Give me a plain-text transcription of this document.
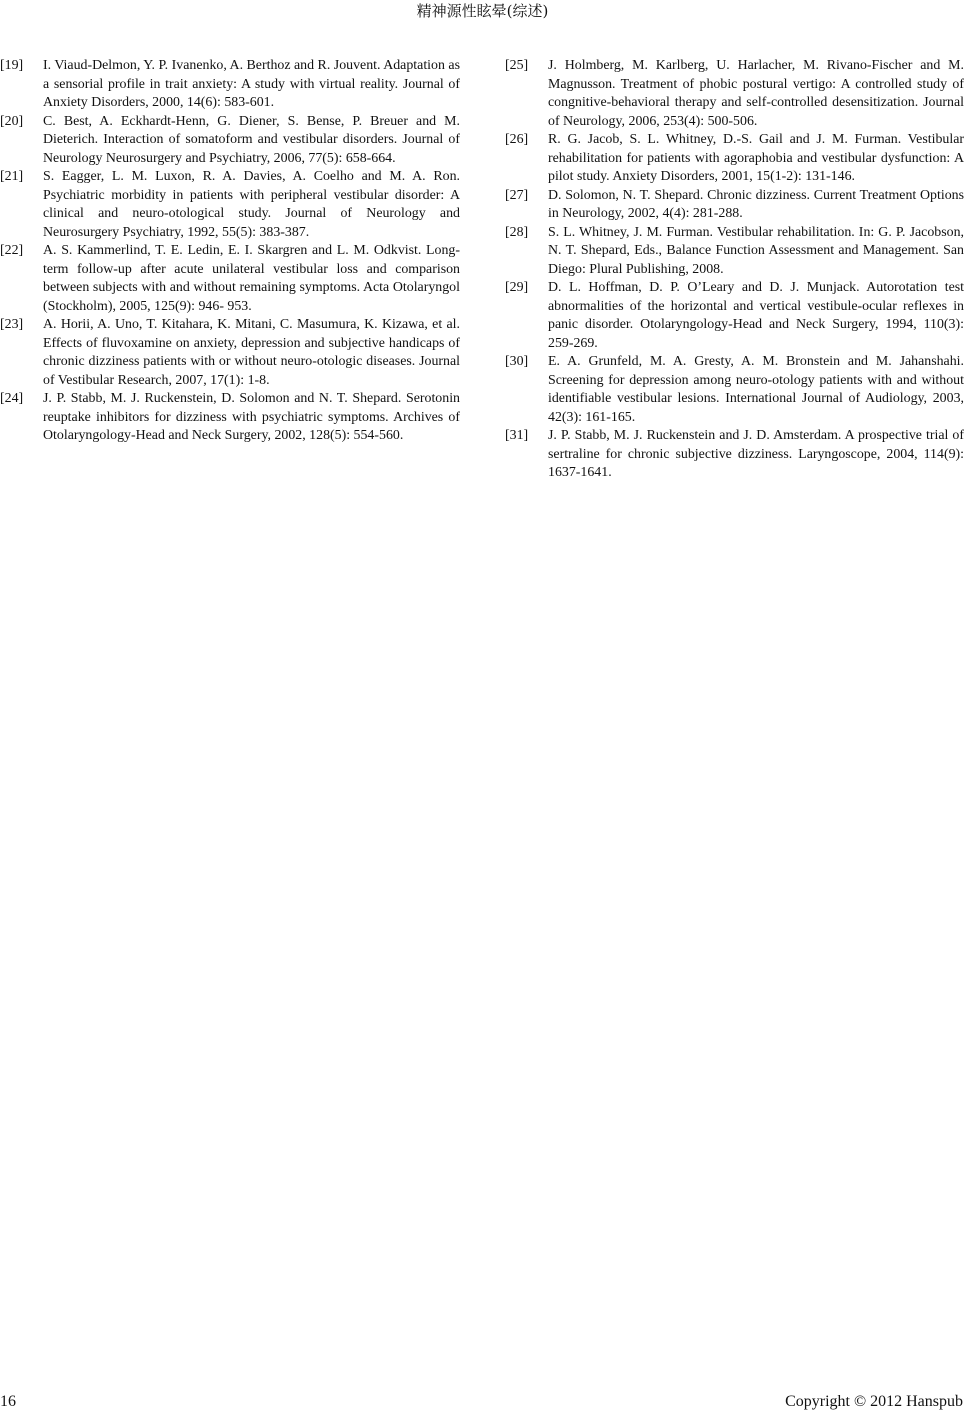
精神源性眩晕(综述)
[19] I. Viaud-Delmon, Y. P. Ivanenko, A. Berthoz and R. Jouvent. Adaptation as a sensorial profile in trait anxiety: A study with virtual reality. Journal of Anxiety Disorders, 2000, 14(6): 583-601.
[20] C. Best, A. Eckhardt-Henn, G. Diener, S. Bense, P. Breuer and M. Dieterich. Interaction of somatoform and vestibular disorders. Journal of Neurology Neurosurgery and Psychiatry, 2006, 77(5): 658-664.
[21] S. Eagger, L. M. Luxon, R. A. Davies, A. Coelho and M. A. Ron. Psychiatric morbidity in patients with peripheral vestibular disorder: A clinical and neuro-otological study. Journal of Neurology and Neurosurgery Psychiatry, 1992, 55(5): 383-387.
[22] A. S. Kammerlind, T. E. Ledin, E. I. Skargren and L. M. Odkvist. Long-term follow-up after acute unilateral vestibular loss and comparison between subjects with and without remaining symptoms. Acta Otolaryngol (Stockholm), 2005, 125(9): 946- 953.
[23] A. Horii, A. Uno, T. Kitahara, K. Mitani, C. Masumura, K. Kizawa, et al. Effects of fluvoxamine on anxiety, depression and subjective handicaps of chronic dizziness patients with or without neuro-otologic diseases. Journal of Vestibular Research, 2007, 17(1): 1-8.
[24] J. P. Stabb, M. J. Ruckenstein, D. Solomon and N. T. Shepard. Serotonin reuptake inhibitors for dizziness with psychiatric symptoms. Archives of Otolaryngology-Head and Neck Surgery, 2002, 128(5): 554-560.
[25] J. Holmberg, M. Karlberg, U. Harlacher, M. Rivano-Fischer and M. Magnusson. Treatment of phobic postural vertigo: A controlled study of congnitive-behavioral therapy and self-controlled desensitization. Journal of Neurology, 2006, 253(4): 500-506.
[26] R. G. Jacob, S. L. Whitney, D.-S. Gail and J. M. Furman. Vestibular rehabilitation for patients with agoraphobia and vestibular dysfunction: A pilot study. Anxiety Disorders, 2001, 15(1-2): 131-146.
[27] D. Solomon, N. T. Shepard. Chronic dizziness. Current Treatment Options in Neurology, 2002, 4(4): 281-288.
[28] S. L. Whitney, J. M. Furman. Vestibular rehabilitation. In: G. P. Jacobson, N. T. Shepard, Eds., Balance Function Assessment and Management. San Diego: Plural Publishing, 2008.
[29] D. L. Hoffman, D. P. O’Leary and D. J. Munjack. Autorotation test abnormalities of the horizontal and vertical vestibule-ocular reflexes in panic disorder. Otolaryngology-Head and Neck Surgery, 1994, 110(3): 259-269.
[30] E. A. Grunfeld, M. A. Gresty, A. M. Bronstein and M. Jahanshahi. Screening for depression among neuro-otology patients with and without identifiable vestibular lesions. International Journal of Audiology, 2003, 42(3): 161-165.
[31] J. P. Stabb, M. J. Ruckenstein and J. D. Amsterdam. A prospective trial of sertraline for chronic subjective dizziness. Laryngoscope, 2004, 114(9): 1637-1641.
16	Copyright © 2012 Hanspub
